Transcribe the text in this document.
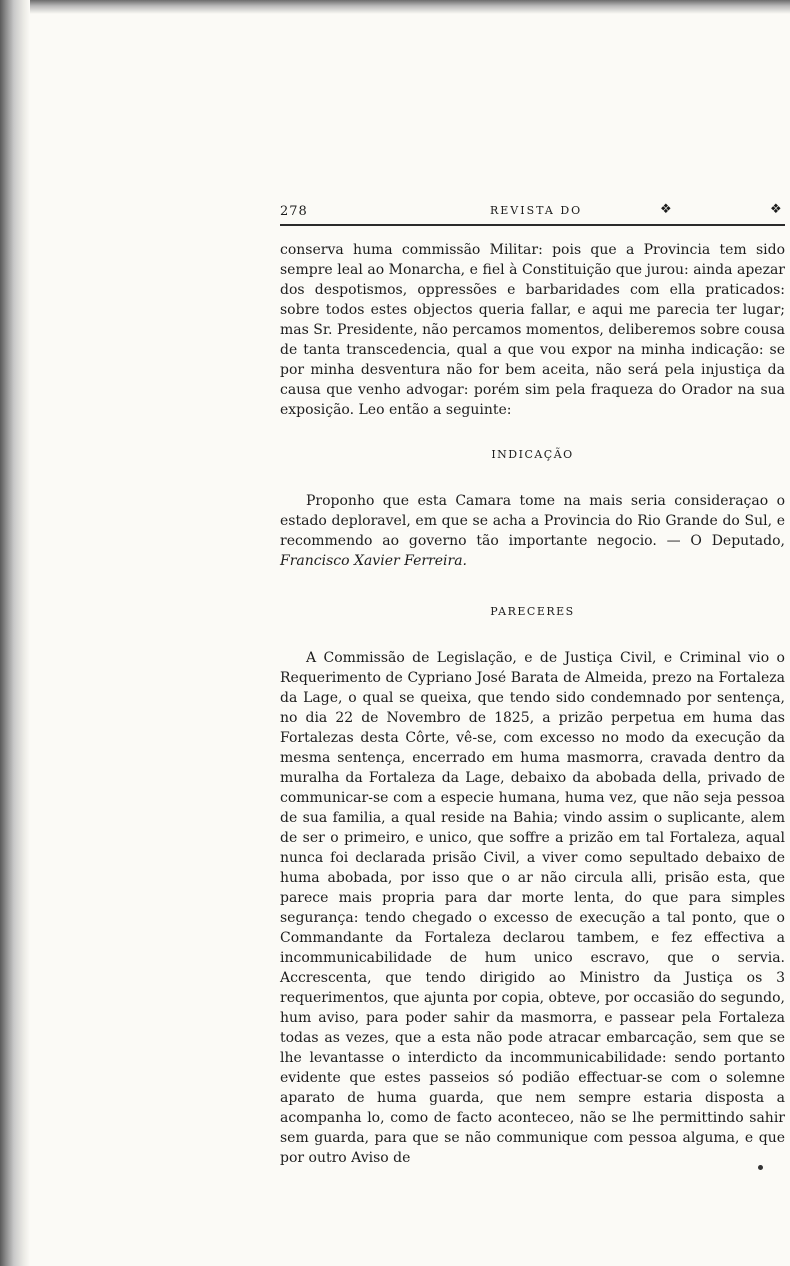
278	REVISTA DO	❖	❖

conserva huma commissão Militar: pois que a Provincia tem sido sempre leal ao Monarcha, e fiel à Constituição que jurou: ainda apezar dos despotismos, oppressões e barbaridades com ella praticados: sobre todos estes objectos queria fallar, e aqui me parecia ter lugar; mas Sr. Presidente, não percamos momentos, deliberemos sobre cousa de tanta transcedencia, qual a que vou expor na minha indicação: se por minha desventura não for bem aceita, não será pela injustiça da causa que venho advogar: porém sim pela fraqueza do Orador na sua exposição. Leo então a seguinte:

INDICAÇÃO

Proponho que esta Camara tome na mais seria consideraçao o estado deploravel, em que se acha a Provincia do Rio Grande do Sul, e recommendo ao governo tão importante negocio. — O Deputado, Francisco Xavier Ferreira.

PARECERES

A Commissão de Legislação, e de Justiça Civil, e Criminal vio o Requerimento de Cypriano José Barata de Almeida, prezo na Fortaleza da Lage, o qual se queixa, que tendo sido condemnado por sentença, no dia 22 de Novembro de 1825, a prizão perpetua em huma das Fortalezas desta Côrte, vê-se, com excesso no modo da execução da mesma sentença, encerrado em huma masmorra, cravada dentro da muralha da Fortaleza da Lage, debaixo da abobada della, privado de communicar-se com a especie humana, huma vez, que não seja pessoa de sua familia, a qual reside na Bahia; vindo assim o suplicante, alem de ser o primeiro, e unico, que soffre a prizão em tal Fortaleza, aqual nunca foi declarada prisão Civil, a viver como sepultado debaixo de huma abobada, por isso que o ar não circula alli, prisão esta, que parece mais propria para dar morte lenta, do que para simples segurança: tendo chegado o excesso de execução a tal ponto, que o Commandante da Fortaleza declarou tambem, e fez effectiva a incommunicabilidade de hum unico escravo, que o servia. Accrescenta, que tendo dirigido ao Ministro da Justiça os 3 requerimentos, que ajunta por copia, obteve, por occasião do segundo, hum aviso, para poder sahir da masmorra, e passear pela Fortaleza todas as vezes, que a esta não pode atracar embarcação, sem que se lhe levantasse o interdicto da incommunicabilidade: sendo portanto evidente que estes passeios só podião effectuar-se com o solemne aparato de huma guarda, que nem sempre estaria disposta a acompanha lo, como de facto aconteceo, não se lhe permittindo sahir sem guarda, para que se não communique com pessoa alguma, e que por outro Aviso de
